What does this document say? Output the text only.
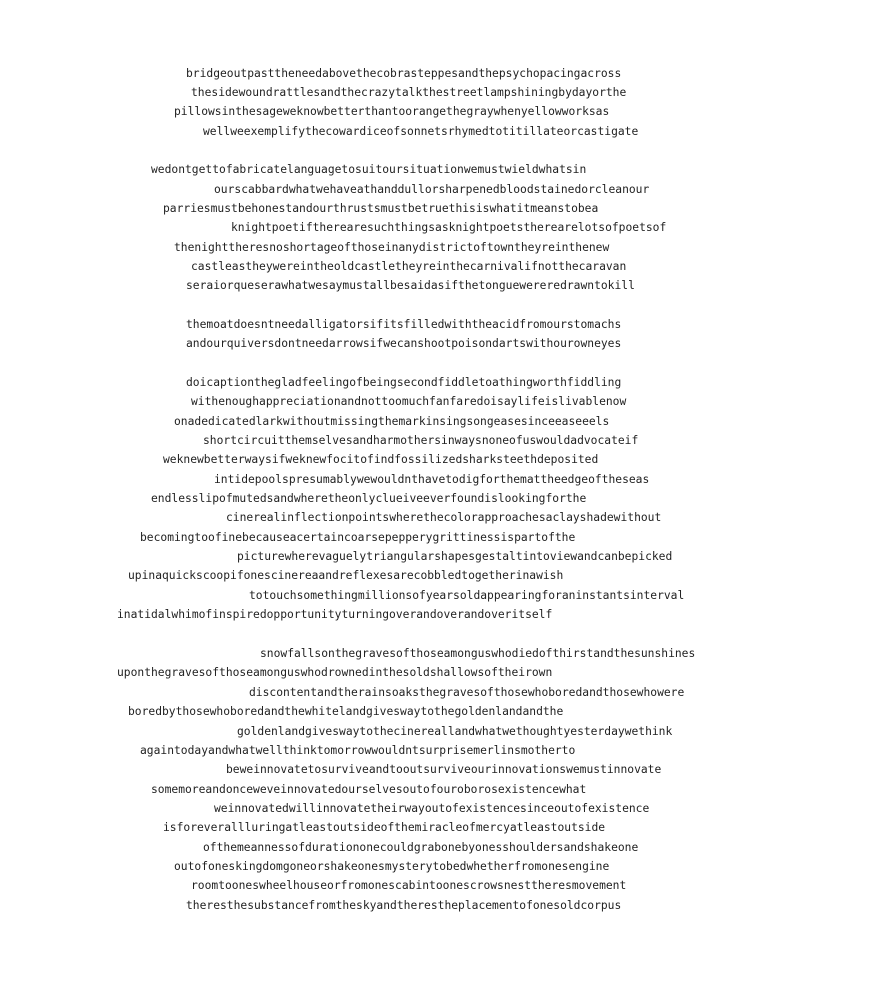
bridgeoutpasttheneedabovethecobrasteppesandthepsychopacingacross

thesidewoundrattlesandthecrazytalkthestreetlampshiningbydayorthe

pillowsinthesageweknowbetterthantoorangethegraywhenyellowworksas

wellweexemplifythecowardiceofsonnetsrhymedtotitillateorcastigate

wedontgettofabricatelanguagetosuitoursituationwemustwieldwhatsin

ourscabbardwhatwehaveathanddullorsharpenedbloodstainedorcleanour

parriesmustbehonestandourthrustsmustbetruethisiswhatitmeanstobea

knightpoetiftherearesuchthingsasknightpoetstherearelotsofpoetsof

thenighttheresnoshortageofthoseinanydistrictoftowntheyreinthenew

castleastheywereintheoldcastletheyreinthecarnivalifnotthecaravan

seraiorqueserawhatwesaymustallbesaidasifthetonguewereredrawntokill

themoatdoesntneedalligatorsifitsfilledwiththeacidfromourstomachs

andourquiversdontneedarrowsifwecanshootpoisondartswithourowneyes

doicaptionthegladfeelingofbeingsecondfiddletoathingworthfiddling

withenoughappreciationandnottoomuchfanfaredoisaylifeislivablenow

onadedicatedlarkwithoutmissingthemarkinsingsongeasesinceeaseeels

shortcircuitthemselvesandharmothersinwaysnoneofuswouldadvocateif

weknewbetterwaysifweknewfocitofindfossilizedsharksteethdeposited

intidepoolspresumablywewouldnthavetodigforthemattheedgeoftheseas

endlesslipofmutedsandwheretheonlyclueiveeverfoundislookingforthe

cinerealinflectionpointswherethecolorapproachesaclayshadewithout

becomingtoofinebecauseacertaincoarsepepperygrittinessispartofthe

picturewherevaguelytriangularshapesgestaltintoviewandcanbepicked

upinaquickscoopifonescinereaandreflexesarecobbledtogetherinawish

totouchsomethingmillionsofyearsoldappearingforaninstantsinterval

inatidalwhimofinspiredopportunityturningoverandoverandoveritself

snowfallsonthegravesofthoseamonguswhodiedofthirstandthesunshines

uponthegravesofthoseamonguswhodrownedinthesoldshallowsoftheirown

discontentandtherainsoaksthegravesofthosewhoboredandthosewhowere

boredbythosewhoboredandthewhitelandgiveswaytothegoldenlandandthe

goldenlandgiveswaytothecinereallandwhatwethoughtyesterdaywethink

againtodayandwhatwellthinktomorrowwouldntsurprisemerlinsmotherto

beweinnovatetosurviveandtooutsurviveourinnovationswemustinnovate

somemoreandonceweveinnovatedourselvesoutofouroborosexistencewhat

weinnovatedwillinnovatetheirwayoutofexistencesinceoutofexistence

isforeverallluringatleastoutsideofthemiracleofmercyatleastoutside

ofthemeannessofdurationonecouldgrabonebyonesshouldersandshakeone

outofoneskingdomgoneorshakeonesmysterytobedwhetherfromonesengine

roomtooneswheelhouseorfromonescabintoonescrowsnesttheresmovement

theresthesubstancefromtheskyandtherestheplacementofonesoldcorpus
